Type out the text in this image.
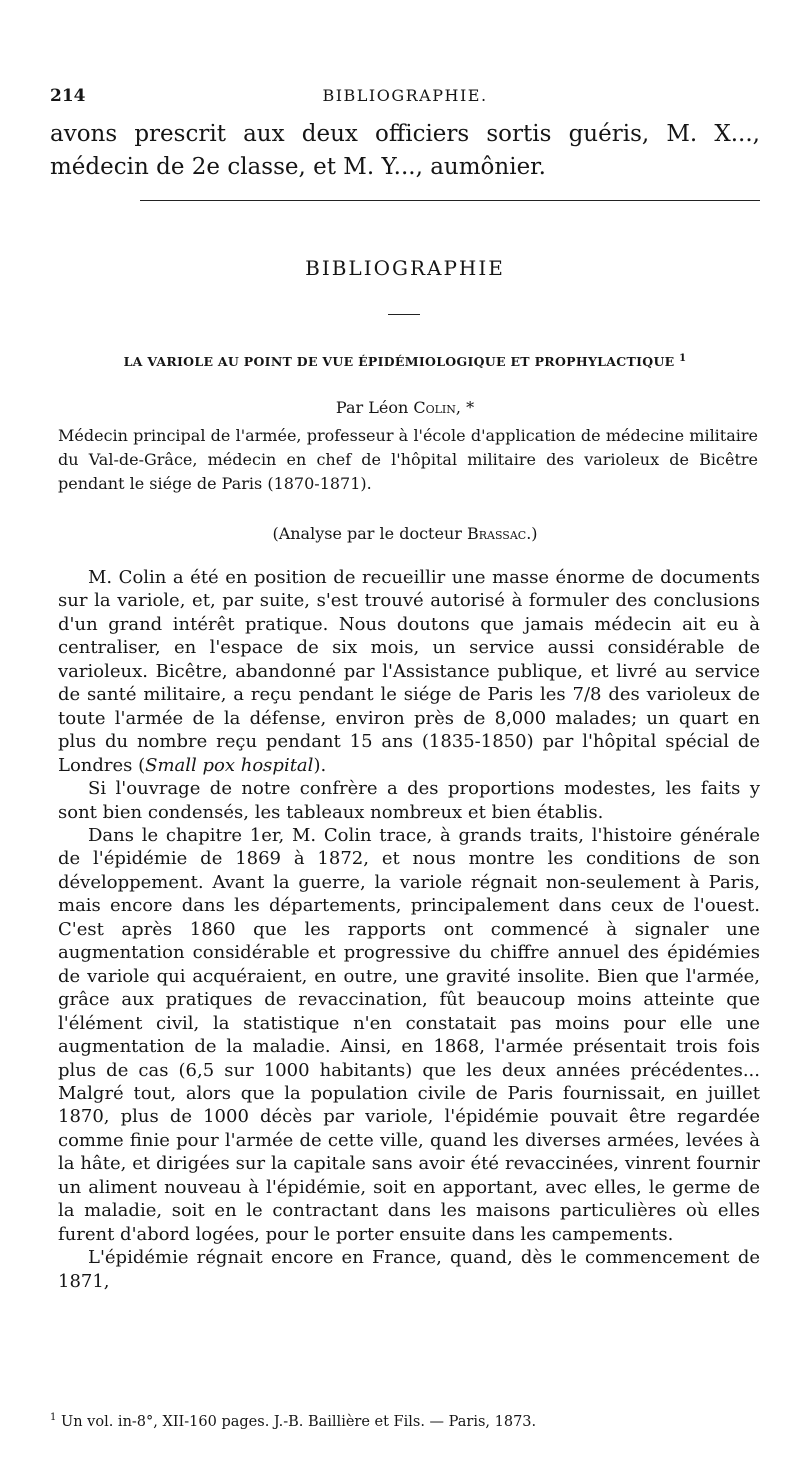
214	BIBLIOGRAPHIE.
avons prescrit aux deux officiers sortis guéris, M. X..., médecin de 2e classe, et M. Y..., aumônier.
BIBLIOGRAPHIE
LA VARIOLE AU POINT DE VUE ÉPIDÉMIOLOGIQUE ET PROPHYLACTIQUE $^1$
Par Léon Colin, *
Médecin principal de l'armée, professeur à l'école d'application de médecine militaire du Val-de-Grâce, médecin en chef de l'hôpital militaire des varioleux de Bicêtre pendant le siége de Paris (1870-1871).
(Analyse par le docteur Brassac.)

M. Colin a été en position de recueillir une masse énorme de documents sur la variole, et, par suite, s'est trouvé autorisé à formuler des conclusions d'un grand intérêt pratique. Nous doutons que jamais médecin ait eu à centraliser, en l'espace de six mois, un service aussi considérable de varioleux. Bicêtre, abandonné par l'Assistance publique, et livré au service de santé militaire, a reçu pendant le siége de Paris les 7/8 des varioleux de toute l'armée de la défense, environ près de 8,000 malades; un quart en plus du nombre reçu pendant 15 ans (1835-1850) par l'hôpital spécial de Londres (Small pox hospital).

Si l'ouvrage de notre confrère a des proportions modestes, les faits y sont bien condensés, les tableaux nombreux et bien établis.

Dans le chapitre 1er, M. Colin trace, à grands traits, l'histoire générale de l'épidémie de 1869 à 1872, et nous montre les conditions de son développement. Avant la guerre, la variole régnait non-seulement à Paris, mais encore dans les départements, principalement dans ceux de l'ouest. C'est après 1860 que les rapports ont commencé à signaler une augmentation considérable et progressive du chiffre annuel des épidémies de variole qui acquéraient, en outre, une gravité insolite. Bien que l'armée, grâce aux pratiques de revaccination, fût beaucoup moins atteinte que l'élément civil, la statistique n'en constatait pas moins pour elle une augmentation de la maladie. Ainsi, en 1868, l'armée présentait trois fois plus de cas (6,5 sur 1000 habitants) que les deux années précédentes... Malgré tout, alors que la population civile de Paris fournissait, en juillet 1870, plus de 1000 décès par variole, l'épidémie pouvait être regardée comme finie pour l'armée de cette ville, quand les diverses armées, levées à la hâte, et dirigées sur la capitale sans avoir été revaccinées, vinrent fournir un aliment nouveau à l'épidémie, soit en apportant, avec elles, le germe de la maladie, soit en le contractant dans les maisons particulières où elles furent d'abord logées, pour le porter ensuite dans les campements.

L'épidémie régnait encore en France, quand, dès le commencement de 1871,

$^1$ Un vol. in-8°, XII-160 pages. J.-B. Baillière et Fils. — Paris, 1873.
